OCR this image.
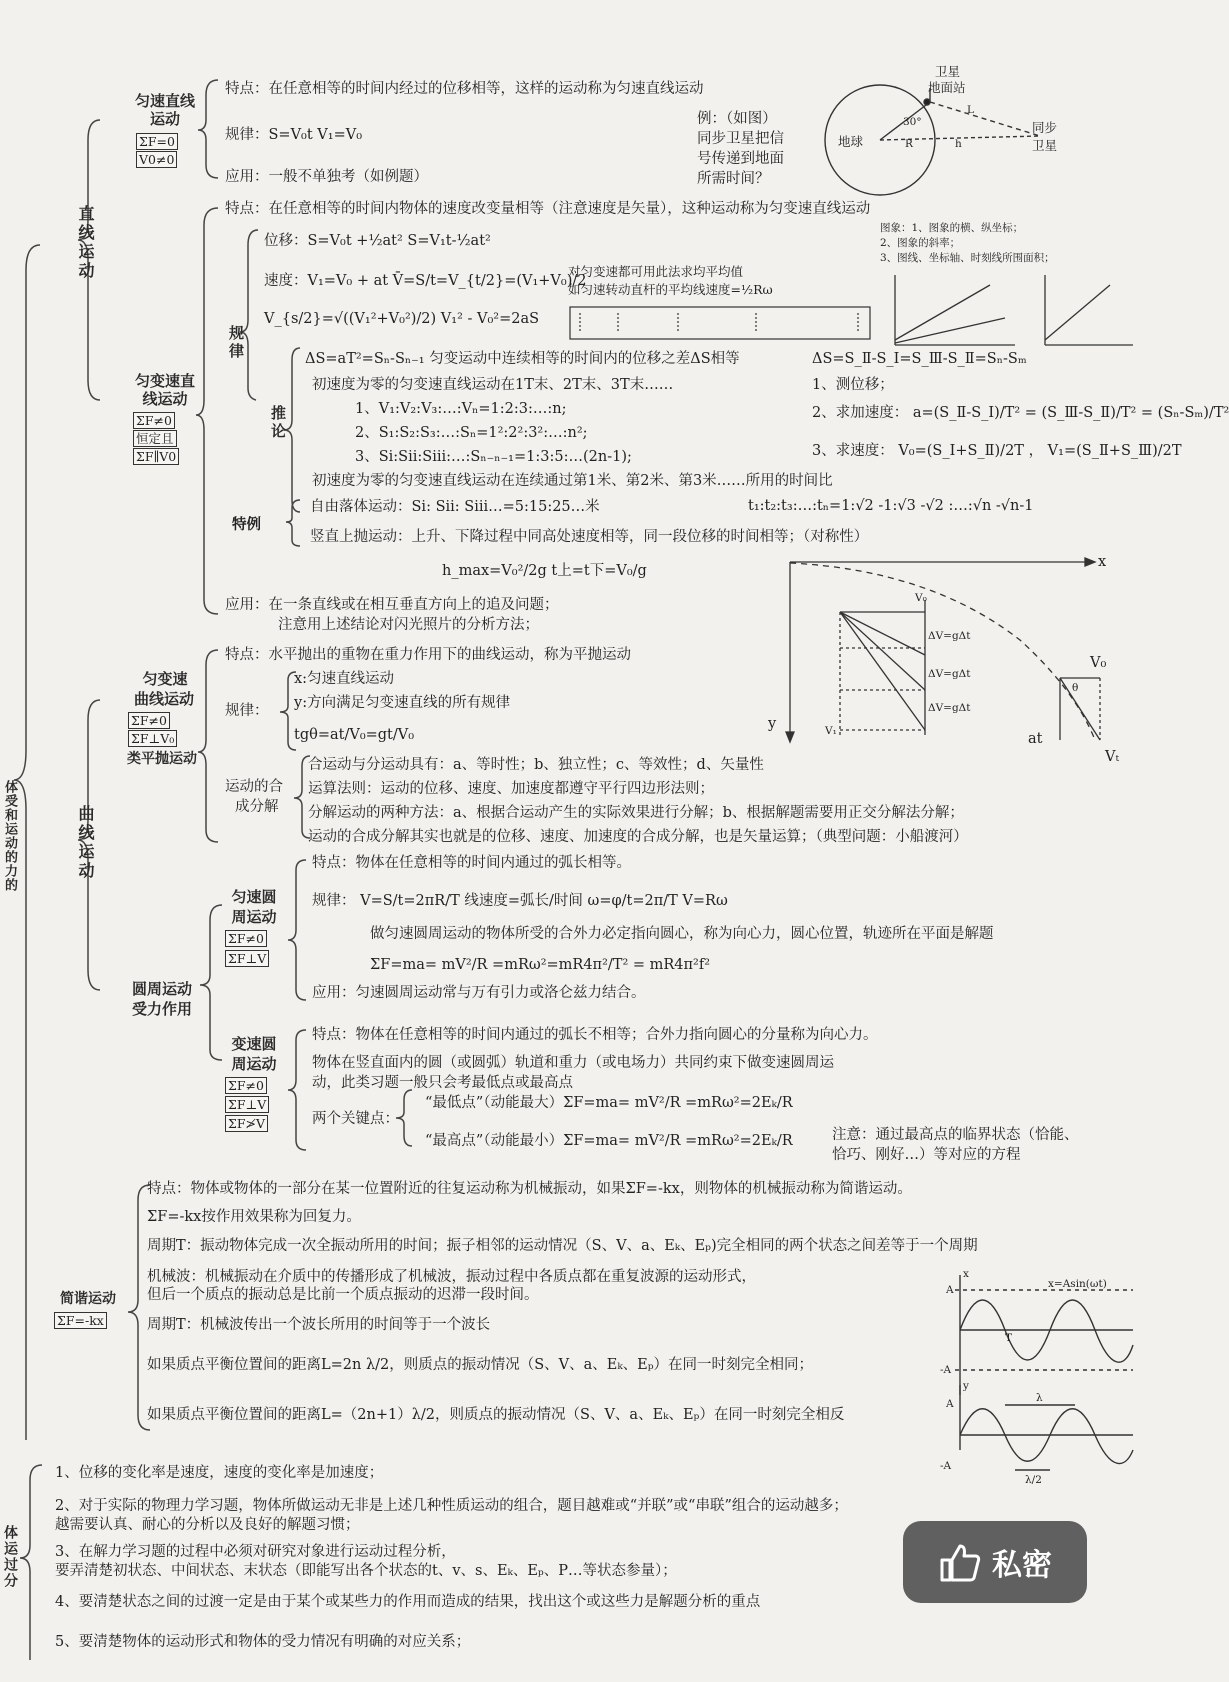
体受和运动的力的
直线运动
匀速直线运动
ΣF=0
V0≠0
特点：在任意相等的时间内经过的位移相等，这样的运动称为匀速直线运动
规律：S=V₀t V₁=V₀
应用：一般不单独考（如例题）
例：（如图）
同步卫星把信
号传递到地面
所需时间？
卫星
地面站
地球
同步
卫星
30°
L
h
R
匀变速直线运动
ΣF≠0
恒定且
ΣF∥V0
特点：在任意相等的时间内物体的速度改变量相等（注意速度是矢量），这种运动称为匀变速直线运动
规律
位移：S=V₀t +½at² S=V₁t-½at²
速度：V₁=V₀ + at V̄=S/t=V_{t/2}=(V₁+V₀)/2
对匀变速都可用此法求均平均值
如匀速转动直杆的平均线速度=½Rω
V_{s/2}=√((V₁²+V₀²)/2) V₁² - V₀²=2aS
图象：1、图象的横、纵坐标；
2、图象的斜率；
3、图线、坐标轴、时刻线所围面积；
推论
ΔS=aT²=Sₙ-Sₙ₋₁ 匀变运动中连续相等的时间内的位移之差ΔS相等	ΔS=S_Ⅱ-S_Ⅰ=S_Ⅲ-S_Ⅱ=Sₙ-Sₘ
初速度为零的匀变速直线运动在1T末、2T末、3T末……
1、V₁:V₂:V₃:…:Vₙ=1:2:3:…:n;
2、S₁:S₂:S₃:…:Sₙ=1²:2²:3²:…:n²;
3、Sⅰ:Sⅱ:Sⅲ:…:Sₙ₋ₙ₋₁=1:3:5:…(2n-1);
初速度为零的匀变速直线运动在连续通过第1米、第2米、第3米……所用的时间比
t₁:t₂:t₃:…:tₙ=1:√2 -1:√3 -√2 :…:√n -√n-1
1、测位移；
2、求加速度： a=(S_Ⅱ-S_Ⅰ)/T² = (S_Ⅲ-S_Ⅱ)/T² = (Sₙ-Sₘ)/T²
3、求速度： V₀=(S_Ⅰ+S_Ⅱ)/2T ， V₁=(S_Ⅱ+S_Ⅲ)/2T
特例
自由落体运动：Sⅰ: Sⅱ: Sⅲ…=5:15:25…米
竖直上抛运动：上升、下降过程中同高处速度相等，同一段位移的时间相等；（对称性）
h_max=V₀²/2g t上=t下=V₀/g
应用：在一条直线或在相互垂直方向上的追及问题；
注意用上述结论对闪光照片的分析方法；
曲线运动
匀变速
曲线运动
ΣF≠0
ΣF⊥V₀
类平抛运动
特点：水平抛出的重物在重力作用下的曲线运动，称为平抛运动
规律：
x:匀速直线运动
y:方向满足匀变速直线的所有规律
tgθ=at/V₀=gt/V₀
运动的合
成分解
合运动与分运动具有：a、等时性；b、独立性；c、等效性；d、矢量性
运算法则：运动的位移、速度、加速度都遵守平行四边形法则；
分解运动的两种方法：a、根据合运动产生的实际效果进行分解；b、根据解题需要用正交分解法分解；
运动的合成分解其实也就是的位移、速度、加速度的合成分解，也是矢量运算；（典型问题：小船渡河）
x
y
V₀
ΔV=gΔt
ΔV=gΔt
ΔV=gΔt
V₁
V₀
Vₜ
at
θ
圆周运动
受力作用
匀速圆
周运动
ΣF≠0
ΣF⊥V
特点：物体在任意相等的时间内通过的弧长相等。
规律： V=S/t=2πR/T 线速度=弧长/时间 ω=φ/t=2π/T V=Rω
做匀速圆周运动的物体所受的合外力必定指向圆心，称为向心力，圆心位置，轨迹所在平面是解题
ΣF=ma= mV²/R =mRω²=mR4π²/T² = mR4π²f²
应用：匀速圆周运动常与万有引力或洛仑兹力结合。
变速圆
周运动
ΣF≠0
ΣF⊥V
ΣF≯V
特点：物体在任意相等的时间内通过的弧长不相等；合外力指向圆心的分量称为向心力。
物体在竖直面内的圆（或圆弧）轨道和重力（或电场力）共同约束下做变速圆周运
动，此类习题一般只会考最低点或最高点
两个关键点：
“最低点”（动能最大）ΣF=ma= mV²/R =mRω²=2Eₖ/R
“最高点”（动能最小）ΣF=ma= mV²/R =mRω²=2Eₖ/R	注意：通过最高点的临界状态（恰能、
恰巧、刚好…）等对应的方程
简谐运动
ΣF=-kx
特点：物体或物体的一部分在某一位置附近的往复运动称为机械振动，如果ΣF=-kx，则物体的机械振动称为简谐运动。
ΣF=-kx按作用效果称为回复力。
周期T：振动物体完成一次全振动所用的时间；振子相邻的运动情况（S、V、a、Eₖ、Eₚ)完全相同的两个状态之间差等于一个周期
机械波：机械振动在介质中的传播形成了机械波，振动过程中各质点都在重复波源的运动形式，
但后一个质点的振动总是比前一个质点振动的迟滞一段时间。
周期T：机械波传出一个波长所用的时间等于一个波长
如果质点平衡位置间的距离L=2n λ/2，则质点的振动情况（S、V、a、Eₖ、Eₚ）在同一时刻完全相同；
如果质点平衡位置间的距离L=（2n+1）λ/2，则质点的振动情况（S、V、a、Eₖ、Eₚ）在同一时刻完全相反
A
-A
T
x=Asin(ωt)
x
A
-A
λ
λ/2
y
体运过分
1、位移的变化率是速度，速度的变化率是加速度；
2、对于实际的物理力学习题，物体所做运动无非是上述几种性质运动的组合，题目越难或“并联”或“串联”组合的运动越多；
越需要认真、耐心的分析以及良好的解题习惯；
3、在解力学习题的过程中必须对研究对象进行运动过程分析，
要弄清楚初状态、中间状态、末状态（即能写出各个状态的t、v、s、Eₖ、Eₚ、P…等状态参量）；
4、要清楚状态之间的过渡一定是由于某个或某些力的作用而造成的结果，找出这个或这些力是解题分析的重点
5、要清楚物体的运动形式和物体的受力情况有明确的对应关系；
私密
